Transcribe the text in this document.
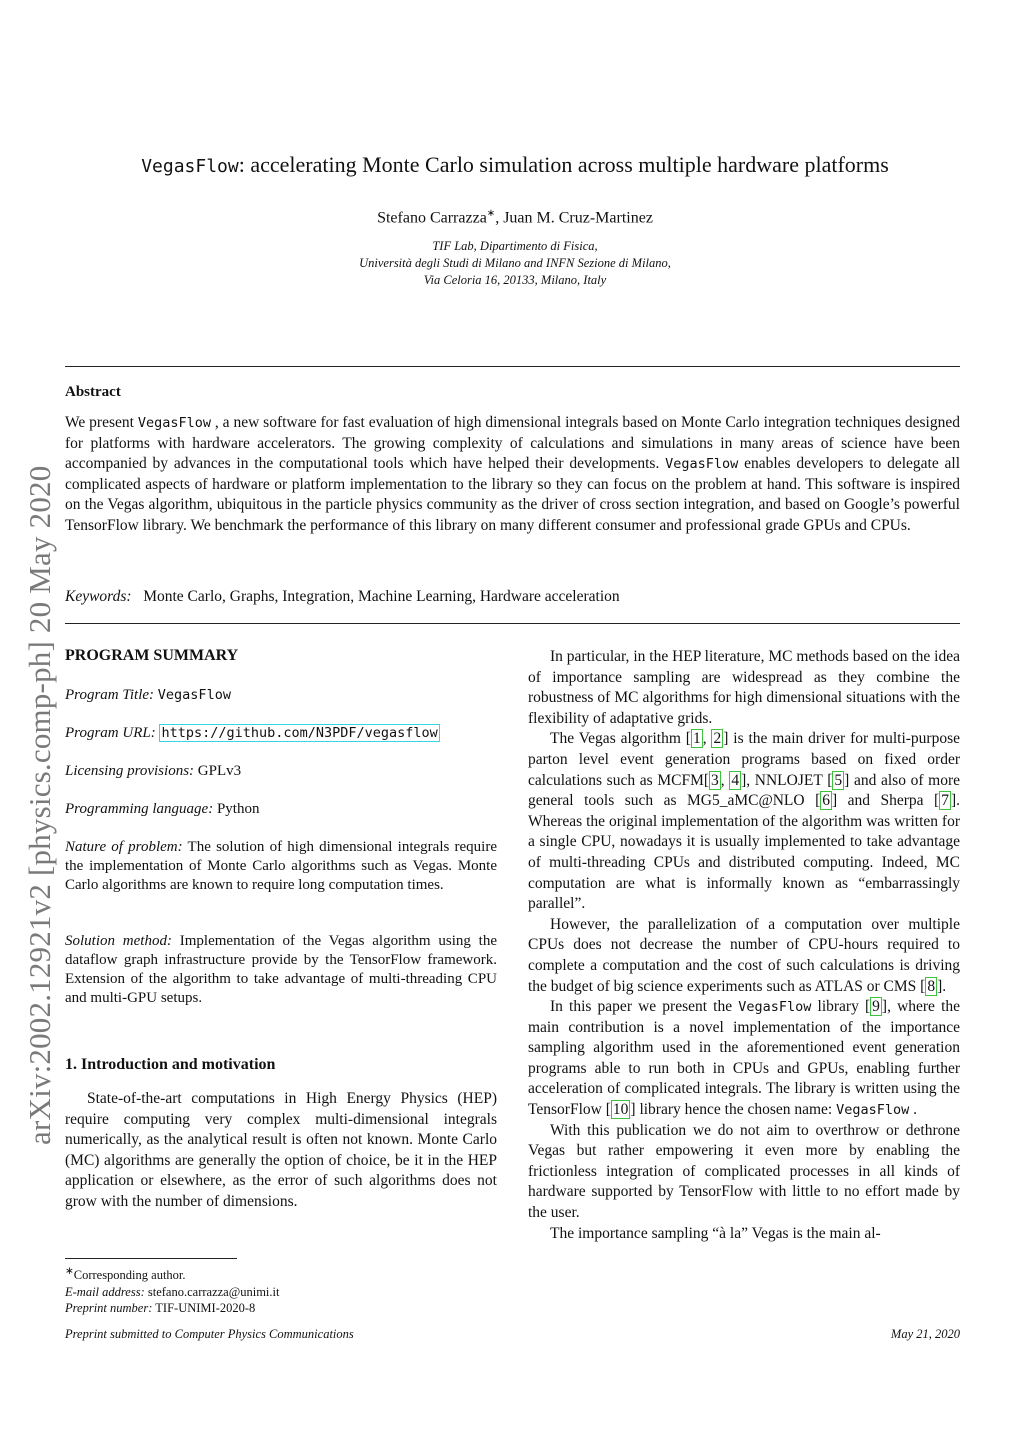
arXiv:2002.12921v2 [physics.comp-ph] 20 May 2020
VegasFlow: accelerating Monte Carlo simulation across multiple hardware platforms
Stefano Carrazza∗, Juan M. Cruz-Martinez
TIF Lab, Dipartimento di Fisica,
Università degli Studi di Milano and INFN Sezione di Milano,
Via Celoria 16, 20133, Milano, Italy
Abstract
We present VegasFlow , a new software for fast evaluation of high dimensional integrals based on Monte Carlo integration techniques designed for platforms with hardware accelerators. The growing complexity of calculations and simulations in many areas of science have been accompanied by advances in the computational tools which have helped their developments. VegasFlow enables developers to delegate all complicated aspects of hardware or platform implementation to the library so they can focus on the problem at hand. This software is inspired on the Vegas algorithm, ubiquitous in the particle physics community as the driver of cross section integration, and based on Google’s powerful TensorFlow library. We benchmark the performance of this library on many different consumer and professional grade GPUs and CPUs.
Keywords: Monte Carlo, Graphs, Integration, Machine Learning, Hardware acceleration
PROGRAM SUMMARY
Program Title: VegasFlow
Program URL: https://github.com/N3PDF/vegasflow
Licensing provisions: GPLv3
Programming language: Python

Nature of problem: The solution of high dimensional integrals require the implementation of Monte Carlo algorithms such as Vegas. Monte Carlo algorithms are known to require long computation times.

Solution method: Implementation of the Vegas algorithm using the dataflow graph infrastructure provide by the TensorFlow framework. Extension of the algorithm to take advantage of multi-threading CPU and multi-GPU setups.

1. Introduction and motivation

State-of-the-art computations in High Energy Physics (HEP) require computing very complex multi-dimensional integrals numerically, as the analytical result is often not known. Monte Carlo (MC) algorithms are generally the option of choice, be it in the HEP application or elsewhere, as the error of such algorithms does not grow with the number of dimensions.

∗Corresponding author.
E-mail address: stefano.carrazza@unimi.it
Preprint number: TIF-UNIMI-2020-8

In particular, in the HEP literature, MC methods based on the idea of importance sampling are widespread as they combine the robustness of MC algorithms for high dimensional situations with the flexibility of adaptative grids.

The Vegas algorithm [ 1 , 2 ] is the main driver for multi-purpose parton level event generation programs based on fixed order calculations such as MCFM[ 3 , 4 ], NNLOJET [ 5 ] and also of more general tools such as MG5_aMC@NLO [ 6 ] and Sherpa [ 7 ]. Whereas the original implementation of the algorithm was written for a single CPU, nowadays it is usually implemented to take advantage of multi-threading CPUs and distributed computing. Indeed, MC computation are what is informally known as “embarrassingly parallel”.

However, the parallelization of a computation over multiple CPUs does not decrease the number of CPU-hours required to complete a computation and the cost of such calculations is driving the budget of big science experiments such as ATLAS or CMS [ 8 ].

In this paper we present the VegasFlow library [ 9 ], where the main contribution is a novel implementation of the importance sampling algorithm used in the aforementioned event generation programs able to run both in CPUs and GPUs, enabling further acceleration of complicated integrals. The library is written using the TensorFlow [ 10 ] library hence the chosen name: VegasFlow .

With this publication we do not aim to overthrow or dethrone Vegas but rather empowering it even more by enabling the frictionless integration of complicated processes in all kinds of hardware supported by TensorFlow with little to no effort made by the user.

The importance sampling “à la” Vegas is the main al-

Preprint submitted to Computer Physics Communications	May 21, 2020
